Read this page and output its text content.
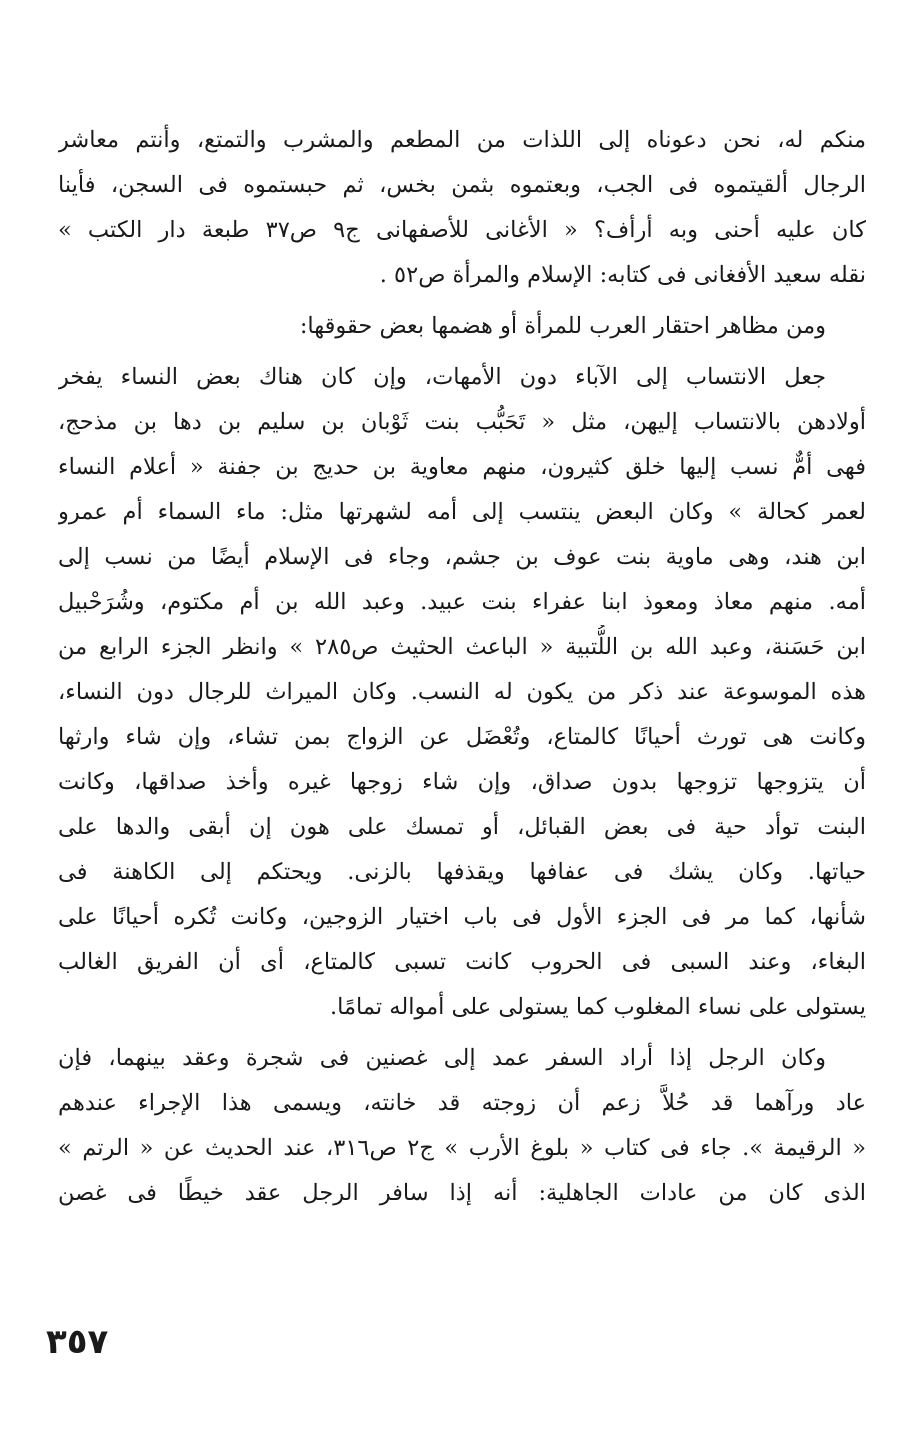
منكم له، نحن دعوناه إلى اللذات من المطعم والمشرب والتمتع، وأنتم معاشر
الرجال ألقيتموه فى الجب، وبعتموه بثمن بخس، ثم حبستموه فى السجن، فأينا
كان عليه أحنى وبه أرأف؟ « الأغانى للأصفهانى ج٩ ص٣٧ طبعة دار الكتب »
نقله سعيد الأفغانى فى كتابه: الإسلام والمرأة ص٥٢ .

ومن مظاهر احتقار العرب للمرأة أو هضمها بعض حقوقها:

جعل الانتساب إلى الآباء دون الأمهات، وإن كان هناك بعض النساء يفخر
أولادهن بالانتساب إليهن، مثل « تَحَبُّب بنت ثَوْبان بن سليم بن دها بن مذحج،
فهى أمٌّ نسب إليها خلق كثيرون، منهم معاوية بن حديج بن جفنة « أعلام النساء
لعمر كحالة » وكان البعض ينتسب إلى أمه لشهرتها مثل: ماء السماء أم عمرو
ابن هند، وهى ماوية بنت عوف بن جشم، وجاء فى الإسلام أيضًا من نسب إلى
أمه. منهم معاذ ومعوذ ابنا عفراء بنت عبيد. وعبد الله بن أم مكتوم، وشُرَحْبيل
ابن حَسَنة، وعبد الله بن اللُّتبية « الباعث الحثيث ص٢٨٥ » وانظر الجزء الرابع من
هذه الموسوعة عند ذكر من يكون له النسب. وكان الميراث للرجال دون النساء،
وكانت هى تورث أحيانًا كالمتاع، وتُعْضَل عن الزواج بمن تشاء، وإن شاء وارثها
أن يتزوجها تزوجها بدون صداق، وإن شاء زوجها غيره وأخذ صداقها، وكانت
البنت توأد حية فى بعض القبائل، أو تمسك على هون إن أبقى والدها على
حياتها. وكان يشك فى عفافها ويقذفها بالزنى. ويحتكم إلى الكاهنة فى
شأنها، كما مر فى الجزء الأول فى باب اختيار الزوجين، وكانت تُكره أحيانًا على
البغاء، وعند السبى فى الحروب كانت تسبى كالمتاع، أى أن الفريق الغالب
يستولى على نساء المغلوب كما يستولى على أمواله تمامًا.

وكان الرجل إذا أراد السفر عمد إلى غصنين فى شجرة وعقد بينهما، فإن
عاد ورآهما قد حُلاَّ زعم أن زوجته قد خانته، ويسمى هذا الإجراء عندهم
« الرقيمة ». جاء فى كتاب « بلوغ الأرب » ج٢ ص٣١٦، عند الحديث عن « الرتم »
الذى كان من عادات الجاهلية: أنه إذا سافر الرجل عقد خيطًا فى غصن

٣٥٧
